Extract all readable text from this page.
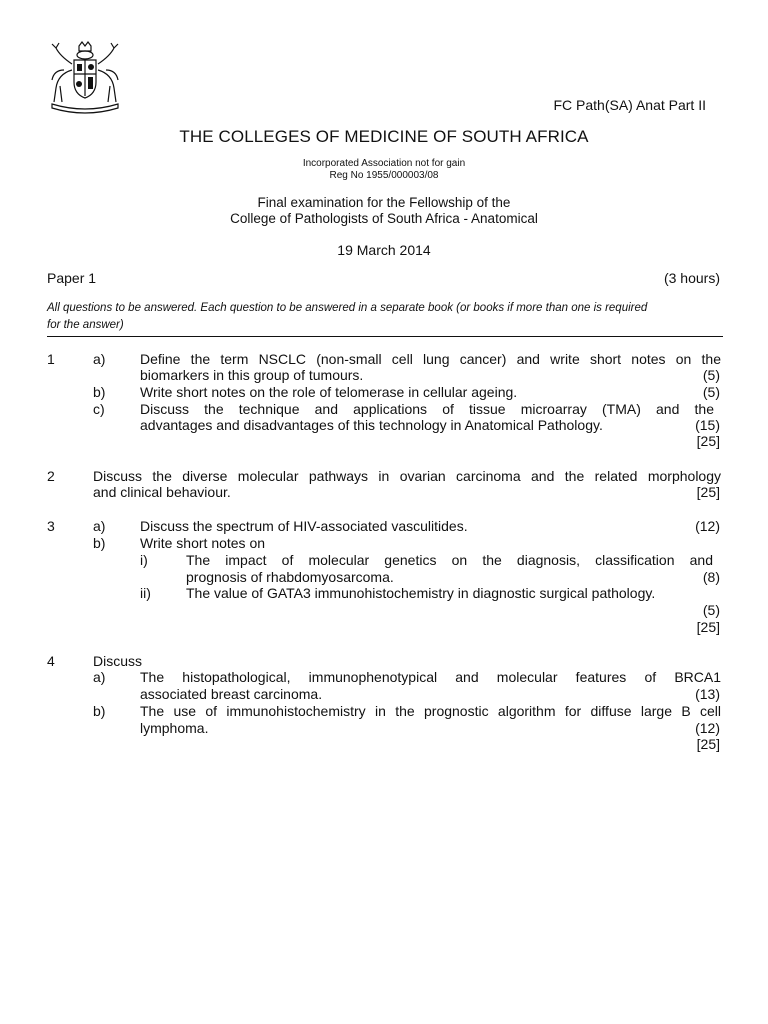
FC Path(SA) Anat Part II
THE COLLEGES OF MEDICINE OF SOUTH AFRICA
Incorporated Association not for gain
Reg No 1955/000003/08
Final examination for the Fellowship of the
College of Pathologists of South Africa - Anatomical
19 March 2014
Paper 1	(3 hours)
All questions to be answered. Each question to be answered in a separate book (or books if more than one is required
for the answer)
1	a) Define the term NSCLC (non-small cell lung cancer) and write short notes on the
biomarkers in this group of tumours.	(5)
b) Write short notes on the role of telomerase in cellular ageing.	(5)
c)	Discuss the technique and applications of tissue microarray (TMA) and the
advantages and disadvantages of this technology in Anatomical Pathology.	(15)
[25]
2	Discuss the diverse molecular pathways in ovarian carcinoma and the related morphology
and clinical behaviour.	[25]
3	a) Discuss the spectrum of HIV-associated vasculitides.	(12)
b) Write short notes on
i)	The impact of molecular genetics on the diagnosis, classification and
prognosis of rhabdomyosarcoma.	(8)
ii)	The value of GATA3 immunohistochemistry in diagnostic surgical pathology.
(5)
[25]
4	Discuss
a) The histopathological, immunophenotypical and molecular features of BRCA1
associated breast carcinoma.	(13)
b) The use of immunohistochemistry in the prognostic algorithm for diffuse large B cell
lymphoma.	(12)
[25]
